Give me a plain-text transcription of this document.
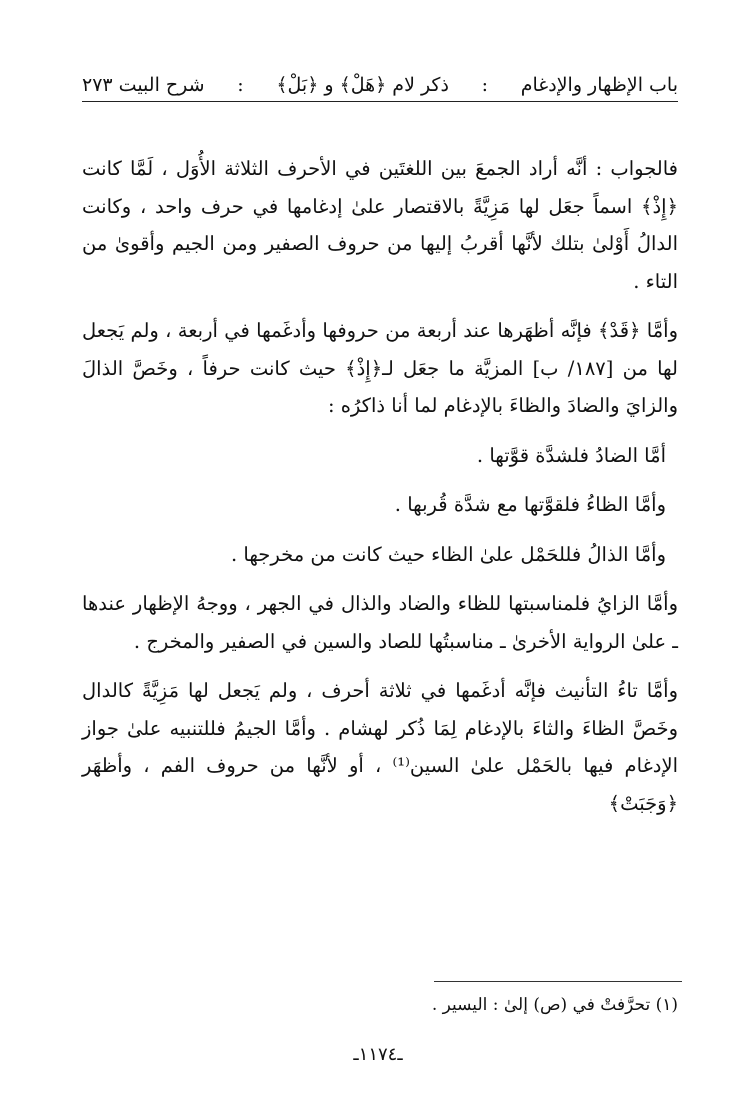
باب الإظهار والإدغام
:
ذكر لام ﴿هَلْ﴾ و ﴿بَلْ﴾
:
شرح البيت ٢٧٣

فالجواب : أنَّه أراد الجمعَ بين اللغتَين في الأحرف الثلاثة الأُوَل ، لَمَّا كانت ﴿إِذْ﴾ اسماً جعَل لها مَزِيَّةً بالاقتصار علىٰ إدغامها في حرف واحد ، وكانت الدالُ أَوْلىٰ بتلك لأنَّها أقربُ إليها من حروف الصفير ومن الجيم وأقوىٰ من التاء .

وأمَّا ﴿قَدْ﴾ فإنَّه أظهَرها عند أربعة من حروفها وأدغَمها في أربعة ، ولم يَجعل لها من [١٨٧/ ب] المزيَّة ما جعَل لـ﴿إِذْ﴾ حيث كانت حرفاً ، وخَصَّ الذالَ والزايَ والضادَ والظاءَ بالإدغام لما أنا ذاكرُه :

أمَّا الضادُ فلشدَّة قوَّتها .

وأمَّا الظاءُ فلقوَّتها مع شدَّة قُربها .

وأمَّا الذالُ فللحَمْل علىٰ الظاء حيث كانت من مخرجها .

وأمَّا الزايُ فلمناسبتها للظاء والضاد والذال في الجهر ، ووجهُ الإظهار عندها ـ علىٰ الرواية الأخرىٰ ـ مناسبتُها للصاد والسين في الصفير والمخرج .

وأمَّا تاءُ التأنيث فإنَّه أدغَمها في ثلاثة أحرف ، ولم يَجعل لها مَزِيَّةً كالدال وخَصَّ الظاءَ والثاءَ بالإدغام لِمَا ذُكر لهشام . وأمَّا الجيمُ فللتنبيه علىٰ جواز الإدغام فيها بالحَمْل علىٰ السين⁽¹⁾ ، أو لأنَّها من حروف الفم ، وأظهَر ﴿وَجَبَتْ﴾

(١) تحرَّفتْ في (ص) إلىٰ : اليسير .
ـ١١٧٤ـ
